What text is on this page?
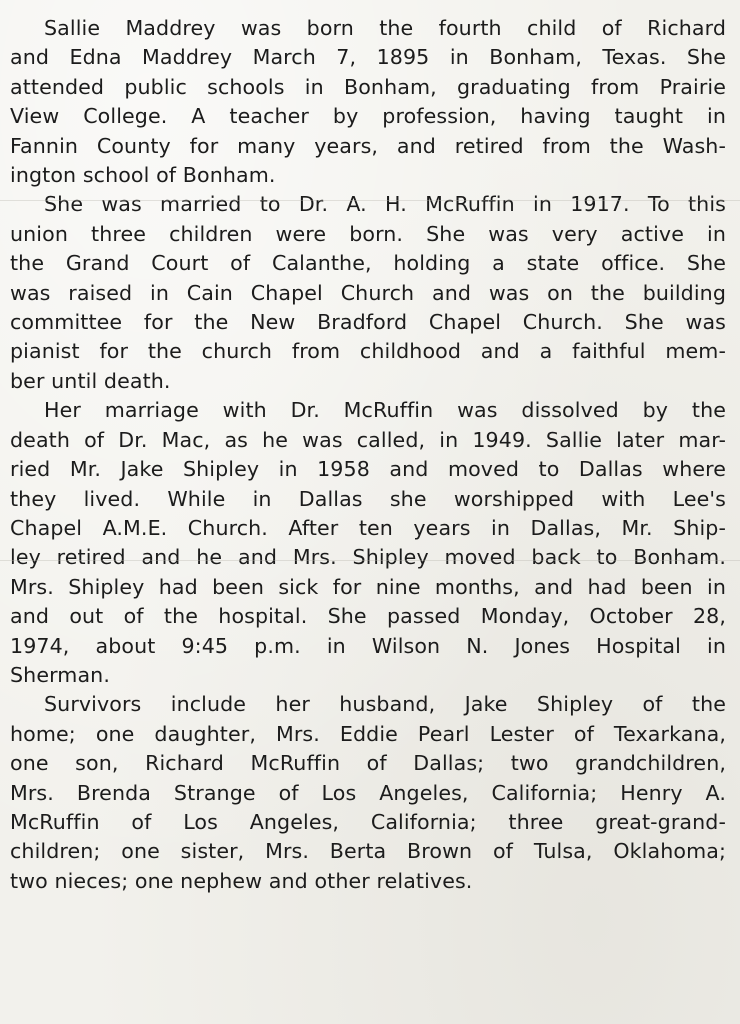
Sallie Maddrey was born the fourth child of Richard
and Edna Maddrey March 7, 1895 in Bonham, Texas. She
attended public schools in Bonham, graduating from Prairie
View College. A teacher by profession, having taught in
Fannin County for many years, and retired from the Wash-
ington school of Bonham.

She was married to Dr. A. H. McRuffin in 1917. To this
union three children were born. She was very active in
the Grand Court of Calanthe, holding a state office. She
was raised in Cain Chapel Church and was on the building
committee for the New Bradford Chapel Church. She was
pianist for the church from childhood and a faithful mem-
ber until death.

Her marriage with Dr. McRuffin was dissolved by the
death of Dr. Mac, as he was called, in 1949. Sallie later mar-
ried Mr. Jake Shipley in 1958 and moved to Dallas where
they lived. While in Dallas she worshipped with Lee's
Chapel A.M.E. Church. After ten years in Dallas, Mr. Ship-
ley retired and he and Mrs. Shipley moved back to Bonham.
Mrs. Shipley had been sick for nine months, and had been in
and out of the hospital. She passed Monday, October 28,
1974, about 9:45 p.m. in Wilson N. Jones Hospital in
Sherman.

Survivors include her husband, Jake Shipley of the
home; one daughter, Mrs. Eddie Pearl Lester of Texarkana,
one son, Richard McRuffin of Dallas; two grandchildren,
Mrs. Brenda Strange of Los Angeles, California; Henry A.
McRuffin of Los Angeles, California; three great-grand-
children; one sister, Mrs. Berta Brown of Tulsa, Oklahoma;
two nieces; one nephew and other relatives.
